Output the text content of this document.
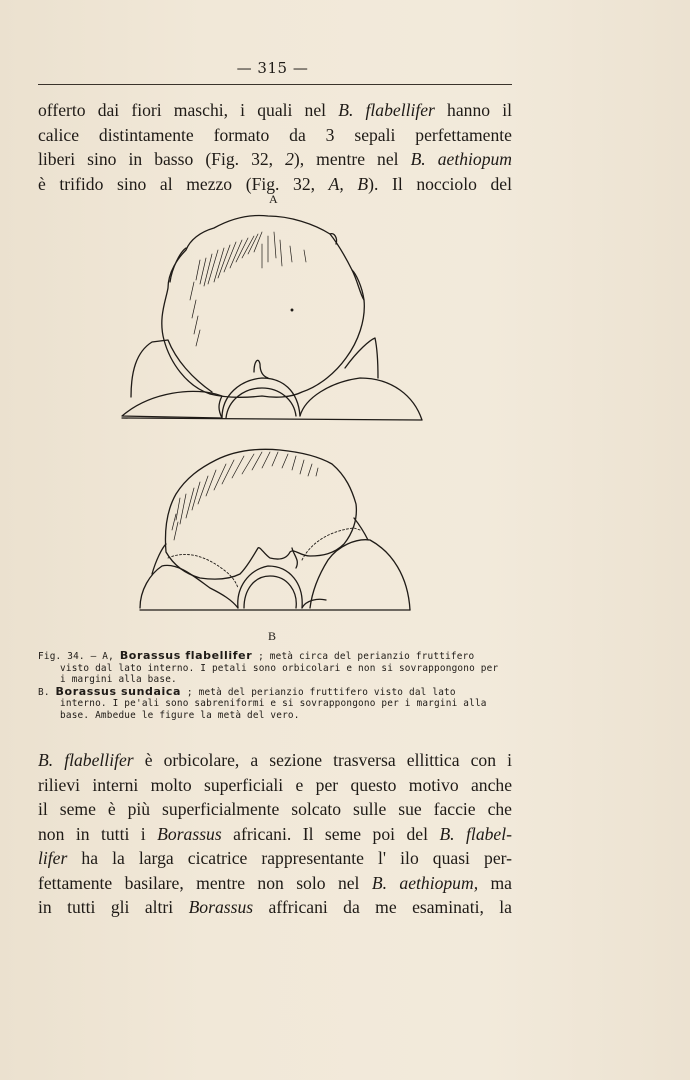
— 315 —
offerto dai fiori maschi, i quali nel B. flabellifer hanno il
calice distintamente formato da 3 sepali perfettamente
liberi sino in basso (Fig. 32, 2), mentre nel B. aethiopum
è trifido sino al mezzo (Fig. 32, A, B). Il nocciolo del
A
B
Fig. 34. — A, Borassus flabellifer ; metà circa del perianzio fruttifero
visto dal lato interno. I petali sono orbicolari e non si sovrappongono per
i margini alla base.
B. Borassus sundaica ; metà del perianzio fruttifero visto dal lato
interno. I pe'ali sono sabreniformi e si sovrappongono per i margini alla
base. Ambedue le figure la metà del vero.
B. flabellifer è orbicolare, a sezione trasversa ellittica con i
rilievi interni molto superficiali e per questo motivo anche
il seme è più superficialmente solcato sulle sue faccie che
non in tutti i Borassus africani. Il seme poi del B. flabel-
lifer ha la larga cicatrice rappresentante l' ilo quasi per-
fettamente basilare, mentre non solo nel B. aethiopum, ma
in tutti gli altri Borassus affricani da me esaminati, la
